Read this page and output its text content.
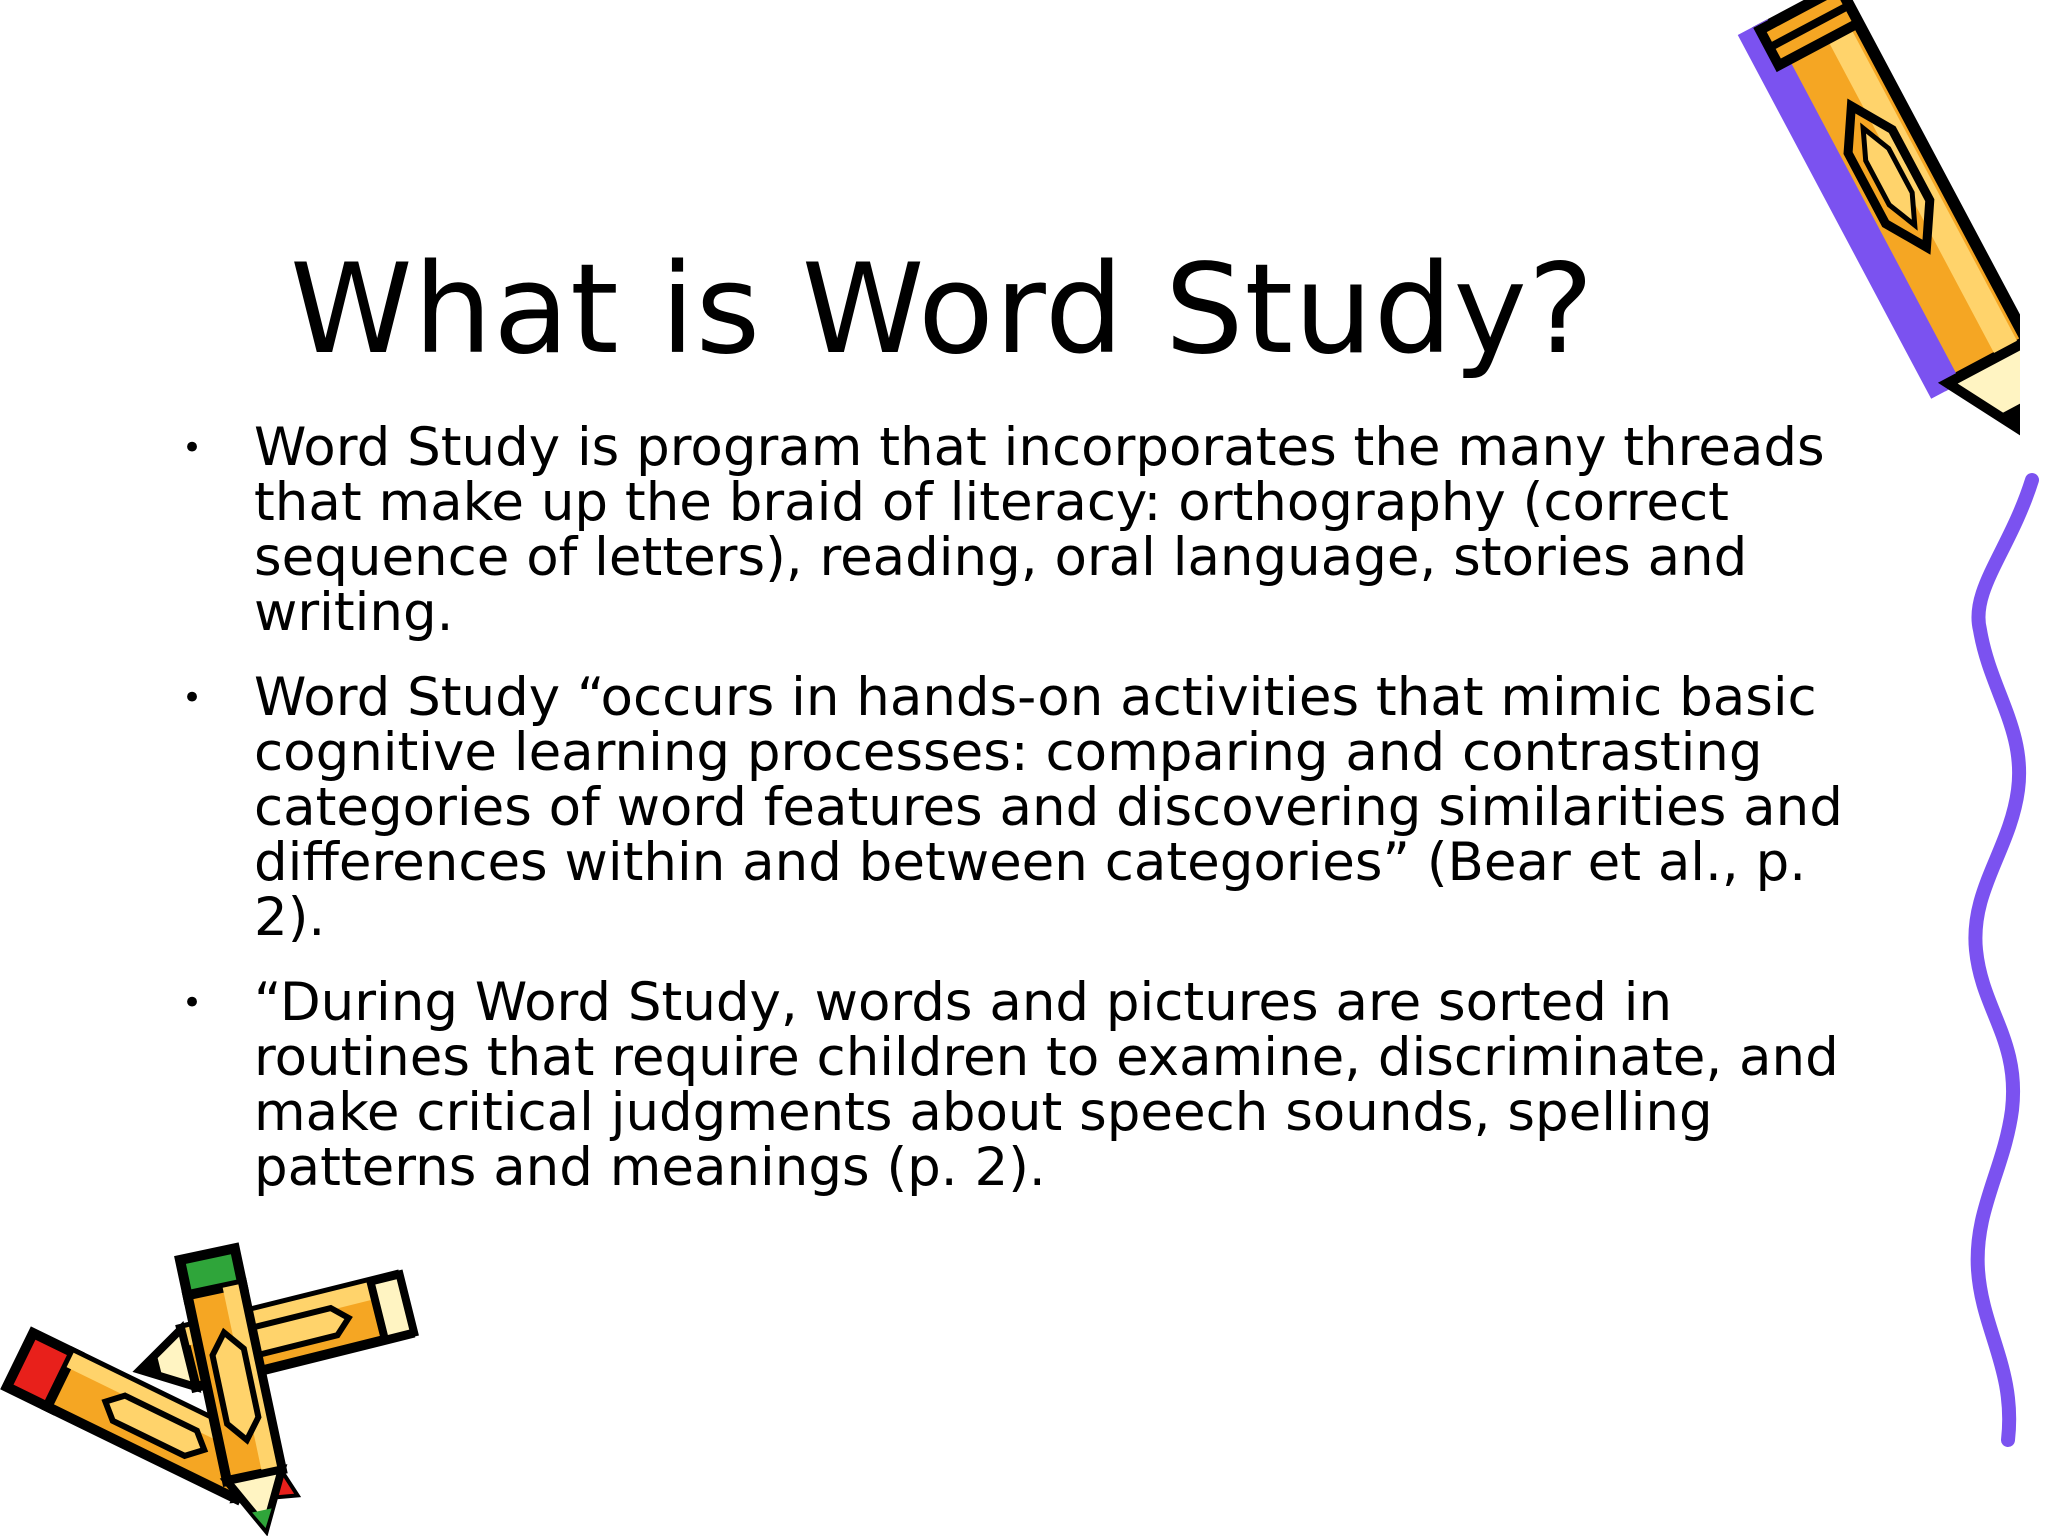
What is Word Study?
• Word Study is program that incorporates the many threads that make up the braid of literacy: orthography (correct sequence of letters), reading, oral language, stories and writing.
• Word Study “occurs in hands-on activities that mimic basic cognitive learning processes: comparing and contrasting categories of word features and discovering similarities and differences within and between categories” (Bear et al., p. 2).
• “During Word Study, words and pictures are sorted in routines that require children to examine, discriminate, and make critical judgments about speech sounds, spelling patterns and meanings (p. 2).
